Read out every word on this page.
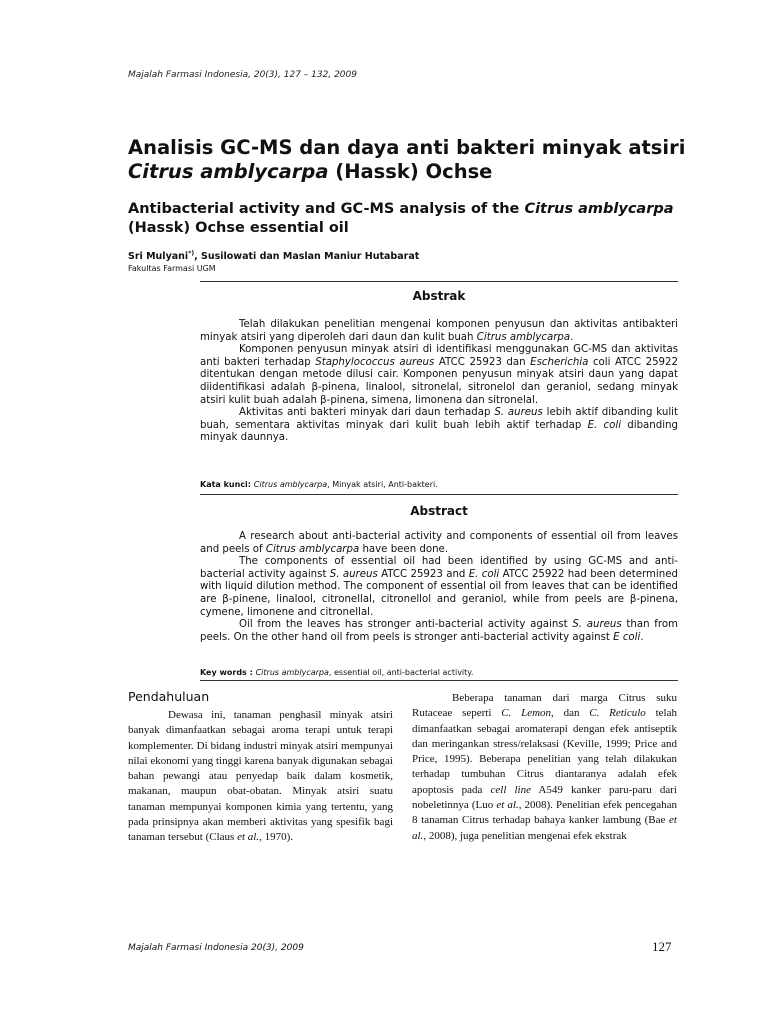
Majalah Farmasi Indonesia, 20(3), 127 – 132, 2009
Analisis GC-MS dan daya anti bakteri minyak atsiri Citrus amblycarpa (Hassk) Ochse
Antibacterial activity and GC-MS analysis of the Citrus amblycarpa (Hassk) Ochse essential oil
Sri Mulyani*), Susilowati dan Maslan Maniur Hutabarat
Fakultas Farmasi UGM
Abstrak

Telah dilakukan penelitian mengenai komponen penyusun dan aktivitas antibakteri minyak atsiri yang diperoleh dari daun dan kulit buah Citrus amblycarpa.

Komponen penyusun minyak atsiri di identifikasi menggunakan GC-MS dan aktivitas anti bakteri terhadap Staphylococcus aureus ATCC 25923 dan Escherichia coli ATCC 25922 ditentukan dengan metode dilusi cair. Komponen penyusun minyak atsiri daun yang dapat diidentifikasi adalah β-pinena, linalool, sitronelal, sitronelol dan geraniol, sedang minyak atsiri kulit buah adalah β-pinena, simena, limonena dan sitronelal.

Aktivitas anti bakteri minyak dari daun terhadap S. aureus lebih aktif dibanding kulit buah, sementara aktivitas minyak dari kulit buah lebih aktif terhadap E. coli dibanding minyak daunnya.

Kata kunci: Citrus amblycarpa, Minyak atsiri, Anti-bakteri.
Abstract

A research about anti-bacterial activity and components of essential oil from leaves and peels of Citrus amblycarpa have been done.

The components of essential oil had been identified by using GC-MS and anti-bacterial activity against S. aureus ATCC 25923 and E. coli ATCC 25922 had been determined with liquid dilution method. The component of essential oil from leaves that can be identified are β-pinene, linalool, citronellal, citronellol and geraniol, while from peels are β-pinena, cymene, limonene and citronellal.

Oil from the leaves has stronger anti-bacterial activity against S. aureus than from peels. On the other hand oil from peels is stronger anti-bacterial activity against E coli.

Key words : Citrus amblycarpa, essential oil, anti-bacterial activity.
Pendahuluan

Dewasa ini, tanaman penghasil minyak atsiri banyak dimanfaatkan sebagai aroma terapi untuk terapi komplementer. Di bidang industri minyak atsiri mempunyai nilai ekonomi yang tinggi karena banyak digunakan sebagai bahan pewangi atau penyedap baik dalam kosmetik, makanan, maupun obat-obatan. Minyak atsiri suatu tanaman mempunyai komponen kimia yang tertentu, yang pada prinsipnya akan memberi aktivitas yang spesifik bagi tanaman tersebut (Claus et al., 1970).

Beberapa tanaman dari marga Citrus suku Rutaceae seperti C. Lemon, dan C. Reticulo telah dimanfaatkan sebagai aromaterapi dengan efek antiseptik dan meringankan stress/relaksasi (Keville, 1999; Price and Price, 1995). Beberapa penelitian yang telah dilakukan terhadap tumbuhan Citrus diantaranya adalah efek apoptosis pada cell line A549 kanker paru-paru dari nobeletinnya (Luo et al., 2008). Penelitian efek pencegahan 8 tanaman Citrus terhadap bahaya kanker lambung (Bae et al., 2008), juga penelitian mengenai efek ekstrak

Majalah Farmasi Indonesia 20(3), 2009	127
